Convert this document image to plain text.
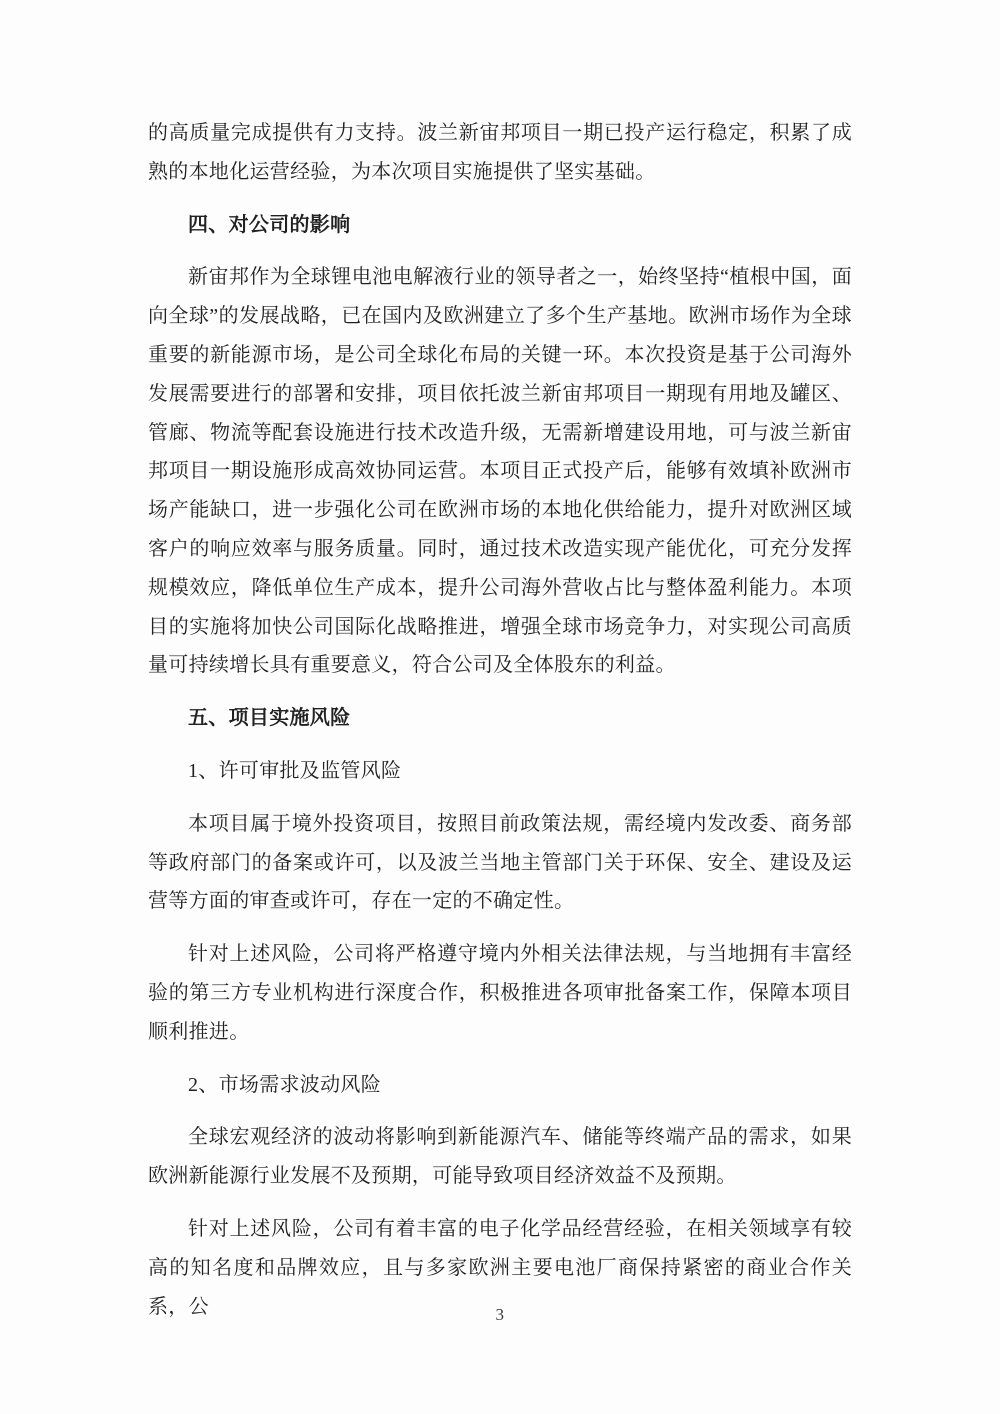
的高质量完成提供有力支持。波兰新宙邦项目一期已投产运行稳定，积累了成熟的本地化运营经验，为本次项目实施提供了坚实基础。

四、对公司的影响

新宙邦作为全球锂电池电解液行业的领导者之一，始终坚持“植根中国，面向全球”的发展战略，已在国内及欧洲建立了多个生产基地。欧洲市场作为全球重要的新能源市场，是公司全球化布局的关键一环。本次投资是基于公司海外发展需要进行的部署和安排，项目依托波兰新宙邦项目一期现有用地及罐区、管廊、物流等配套设施进行技术改造升级，无需新增建设用地，可与波兰新宙邦项目一期设施形成高效协同运营。本项目正式投产后，能够有效填补欧洲市场产能缺口，进一步强化公司在欧洲市场的本地化供给能力，提升对欧洲区域客户的响应效率与服务质量。同时，通过技术改造实现产能优化，可充分发挥规模效应，降低单位生产成本，提升公司海外营收占比与整体盈利能力。本项目的实施将加快公司国际化战略推进，增强全球市场竞争力，对实现公司高质量可持续增长具有重要意义，符合公司及全体股东的利益。

五、项目实施风险

1、许可审批及监管风险

本项目属于境外投资项目，按照目前政策法规，需经境内发改委、商务部等政府部门的备案或许可，以及波兰当地主管部门关于环保、安全、建设及运营等方面的审查或许可，存在一定的不确定性。

针对上述风险，公司将严格遵守境内外相关法律法规，与当地拥有丰富经验的第三方专业机构进行深度合作，积极推进各项审批备案工作，保障本项目顺利推进。

2、市场需求波动风险

全球宏观经济的波动将影响到新能源汽车、储能等终端产品的需求，如果欧洲新能源行业发展不及预期，可能导致项目经济效益不及预期。

针对上述风险，公司有着丰富的电子化学品经营经验，在相关领域享有较高的知名度和品牌效应，且与多家欧洲主要电池厂商保持紧密的商业合作关系，公	3
